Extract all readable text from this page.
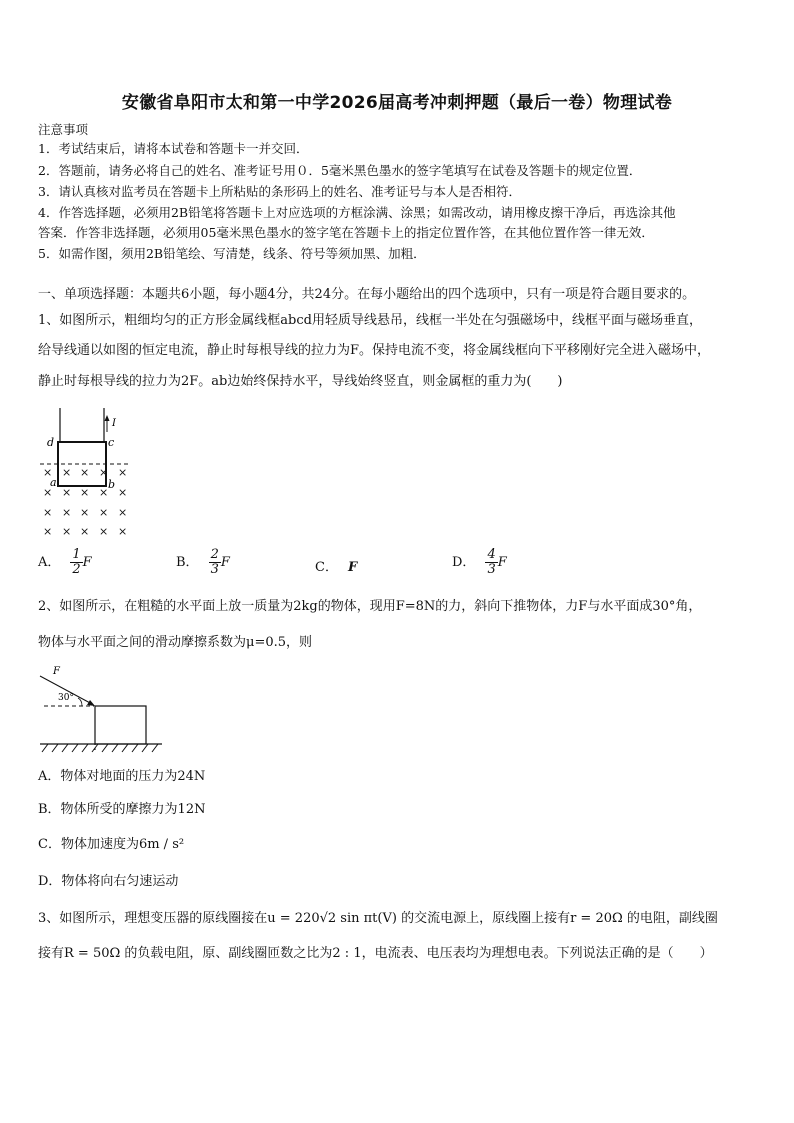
安徽省阜阳市太和第一中学2026届高考冲刺押题（最后一卷）物理试卷
注意事项
1．考试结束后，请将本试卷和答题卡一并交回．
2．答题前，请务必将自己的姓名、准考证号用０．5毫米黑色墨水的签字笔填写在试卷及答题卡的规定位置．
3．请认真核对监考员在答题卡上所粘贴的条形码上的姓名、准考证号与本人是否相符．
4．作答选择题，必须用2B铅笔将答题卡上对应选项的方框涂满、涂黑；如需改动，请用橡皮擦干净后，再选涂其他
答案．作答非选择题，必须用05毫米黑色墨水的签字笔在答题卡上的指定位置作答，在其他位置作答一律无效．
5．如需作图，须用2B铅笔绘、写清楚，线条、符号等须加黑、加粗．
一、单项选择题：本题共6小题，每小题4分，共24分。在每小题给出的四个选项中，只有一项是符合题目要求的。
1、如图所示，粗细均匀的正方形金属线框abcd用轻质导线悬吊，线框一半处在匀强磁场中，线框平面与磁场垂直，
给导线通以如图的恒定电流，静止时每根导线的拉力为F。保持电流不变，将金属线框向下平移刚好完全进入磁场中，
静止时每根导线的拉力为2F。ab边始终保持水平，导线始终竖直，则金属框的重力为(　　)
I
d	c
a	b
× × × × ×
× × × × ×
× × × × ×
× × × × ×
A． $\frac{1}{2}$ F	B． $\frac{2}{3}$ F	C． F	D． $\frac{4}{3}$ F
2、如图所示，在粗糙的水平面上放一质量为2kg的物体，现用F=8N的力，斜向下推物体，力F与水平面成30°角，
物体与水平面之间的滑动摩擦系数为μ=0.5，则
F
30°
A．物体对地面的压力为24N
B．物体所受的摩擦力为12N
C．物体加速度为6m / s²
D．物体将向右匀速运动
3、如图所示，理想变压器的原线圈接在u = 220√2 sin πt(V) 的交流电源上，原线圈上接有r = 20Ω 的电阻，副线圈
接有R = 50Ω 的负载电阻，原、副线圈匝数之比为2 : 1，电流表、电压表均为理想电表。下列说法正确的是（　　）
